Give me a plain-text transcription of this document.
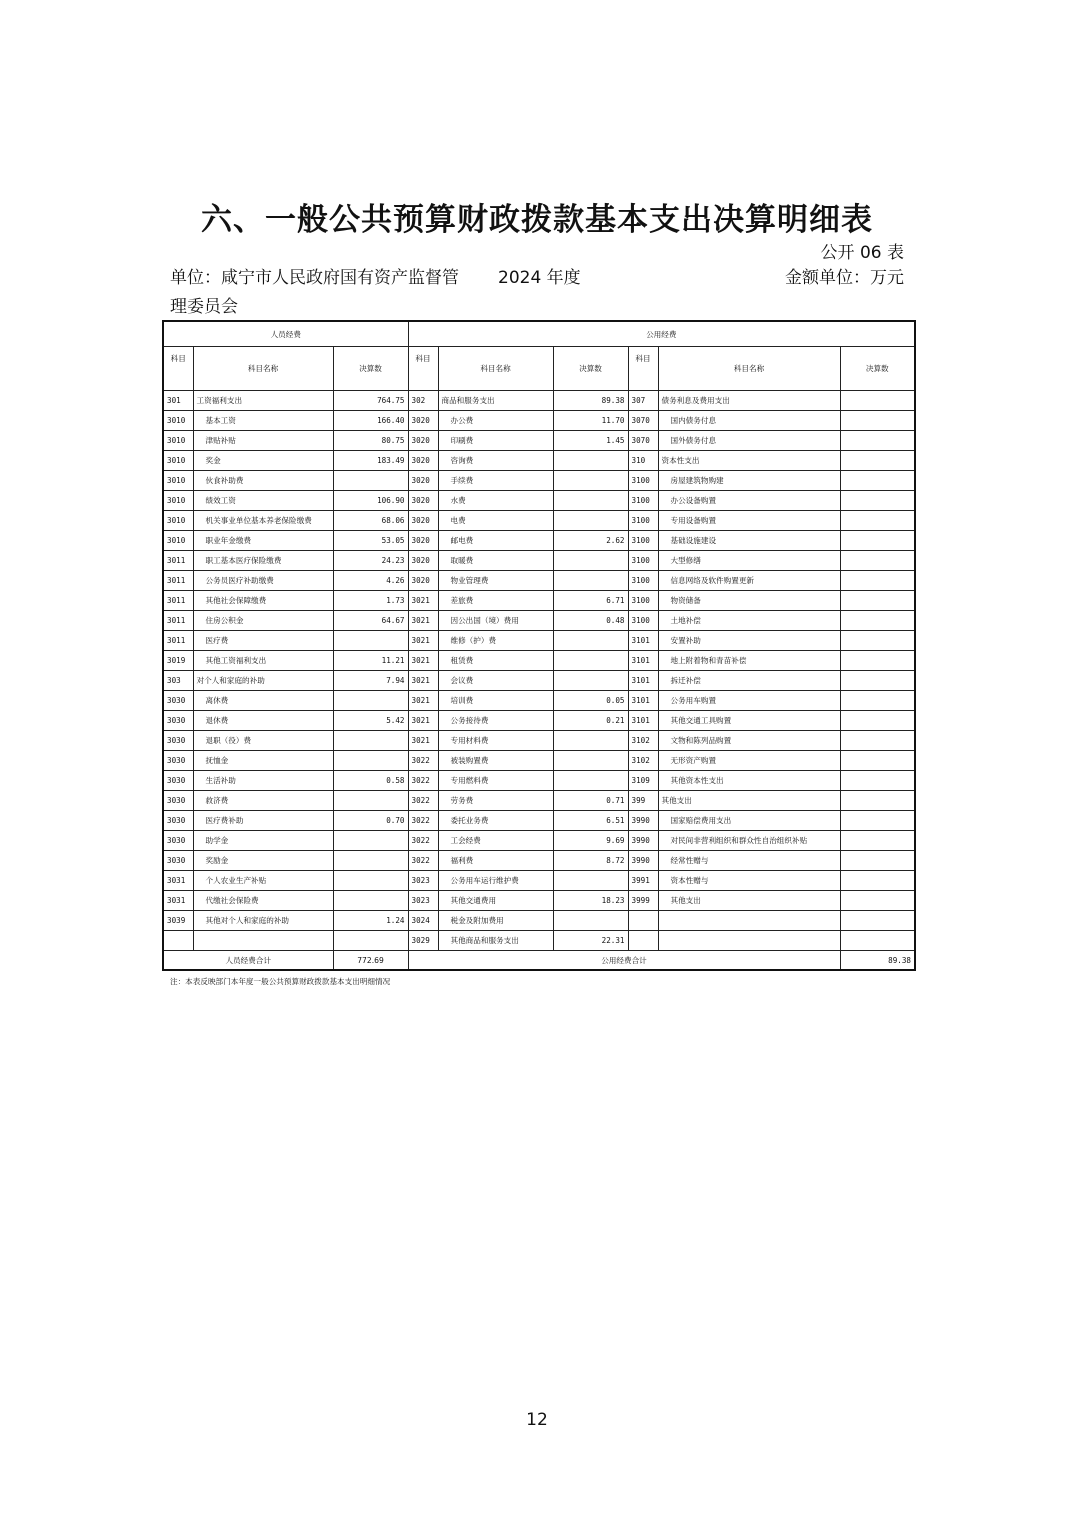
六、一般公共预算财政拨款基本支出决算明细表
公开 06 表
单位：咸宁市人民政府国有资产监督管理委员会
2024 年度	金额单位：万元
人员经费			公用经费					
科目	科目名称	决算数	科目	科目名称	决算数	科目	科目名称	决算数
301	工资福利支出	764.75	302	商品和服务支出	89.38	307	债务利息及费用支出	
3010	基本工资	166.40	3020	办公费	11.70	3070	国内债务付息	
3010	津贴补贴	80.75	3020	印刷费	1.45	3070	国外债务付息	
3010	奖金	183.49	3020	咨询费		310	资本性支出	
3010	伙食补助费		3020	手续费		3100	房屋建筑物购建	
3010	绩效工资	106.90	3020	水费		3100	办公设备购置	
3010	机关事业单位基本养老保险缴费	68.06	3020	电费		3100	专用设备购置	
3010	职业年金缴费	53.05	3020	邮电费	2.62	3100	基础设施建设	
3011	职工基本医疗保险缴费	24.23	3020	取暖费		3100	大型修缮	
3011	公务员医疗补助缴费	4.26	3020	物业管理费		3100	信息网络及软件购置更新	
3011	其他社会保障缴费	1.73	3021	差旅费	6.71	3100	物资储备	
3011	住房公积金	64.67	3021	因公出国（境）费用	0.48	3100	土地补偿	
3011	医疗费		3021	维修（护）费		3101	安置补助	
3019	其他工资福利支出	11.21	3021	租赁费		3101	地上附着物和青苗补偿	
303	对个人和家庭的补助	7.94	3021	会议费		3101	拆迁补偿	
3030	离休费		3021	培训费	0.05	3101	公务用车购置	
3030	退休费	5.42	3021	公务接待费	0.21	3101	其他交通工具购置	
3030	退职（役）费		3021	专用材料费		3102	文物和陈列品购置	
3030	抚恤金		3022	被装购置费		3102	无形资产购置	
3030	生活补助	0.58	3022	专用燃料费		3109	其他资本性支出	
3030	救济费		3022	劳务费	0.71	399	其他支出	
3030	医疗费补助	0.70	3022	委托业务费	6.51	3990	国家赔偿费用支出	
3030	助学金		3022	工会经费	9.69	3990	对民间非营利组织和群众性自治组织补贴	
3030	奖励金		3022	福利费	8.72	3990	经常性赠与	
3031	个人农业生产补贴		3023	公务用车运行维护费		3991	资本性赠与	
3031	代缴社会保险费		3023	其他交通费用	18.23	3999	其他支出	
3039	其他对个人和家庭的补助	1.24	3024	税金及附加费用				
			3029	其他商品和服务支出	22.31			
人员经费合计		772.69	公用经费合计					89.38
注：本表反映部门本年度一般公共预算财政拨款基本支出明细情况
12
